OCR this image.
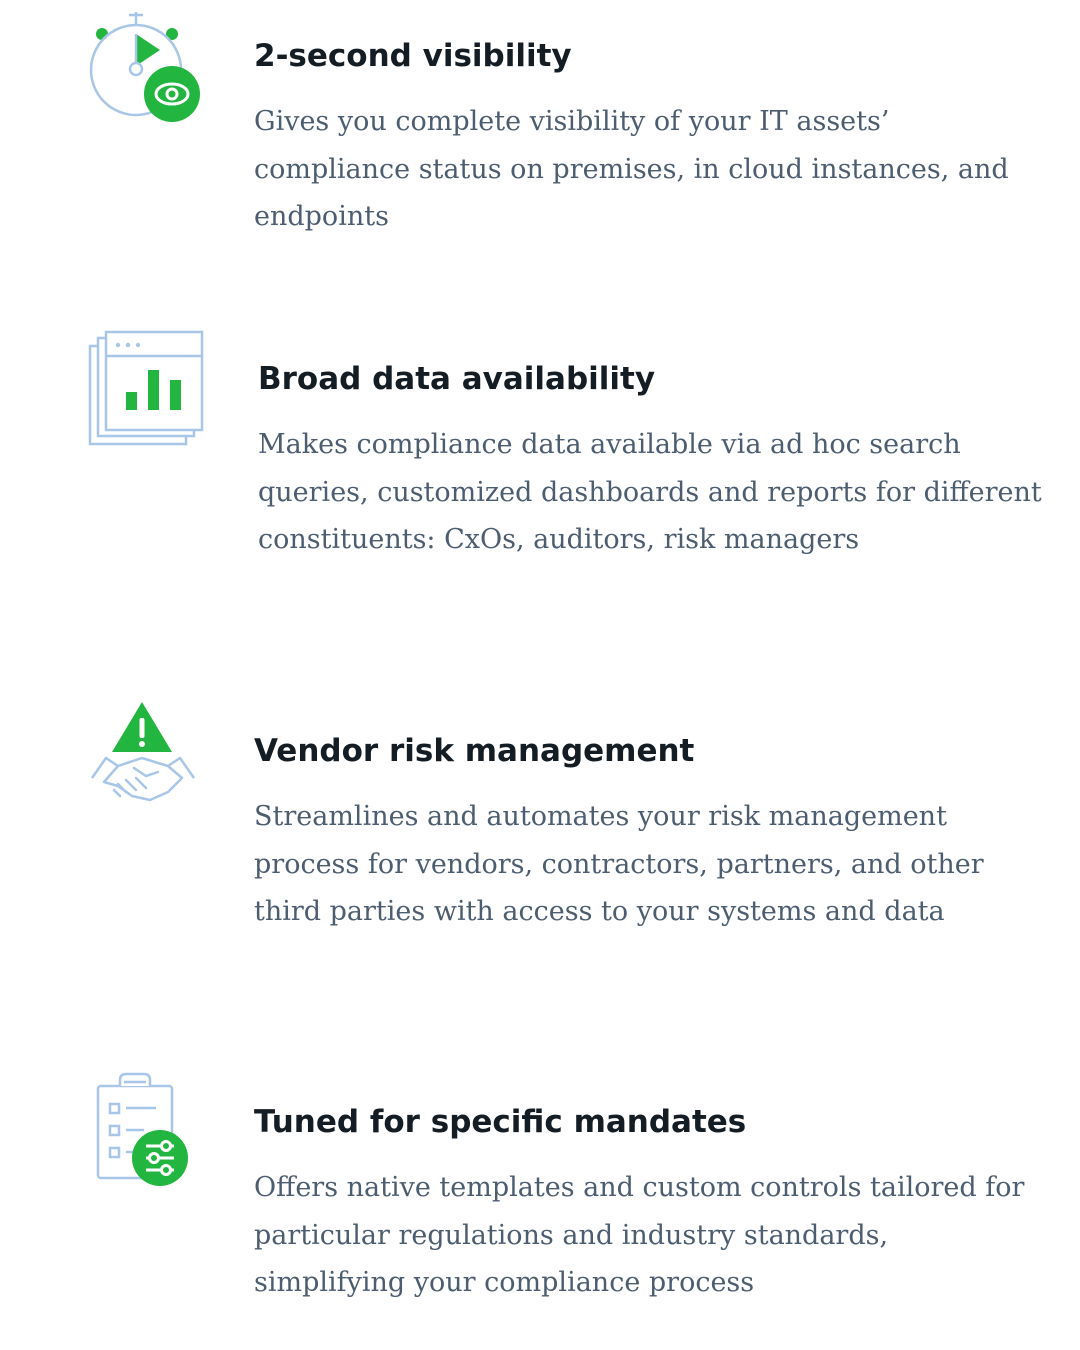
2-second visibility

Gives you complete visibility of your IT assets’ compliance status on premises, in cloud instances, and endpoints

Broad data availability

Makes compliance data available via ad hoc search queries, customized dashboards and reports for different constituents: CxOs, auditors, risk managers

Vendor risk management

Streamlines and automates your risk management process for vendors, contractors, partners, and other third parties with access to your systems and data

Tuned for specific mandates

Offers native templates and custom controls tailored for particular regulations and industry standards, simplifying your compliance process
